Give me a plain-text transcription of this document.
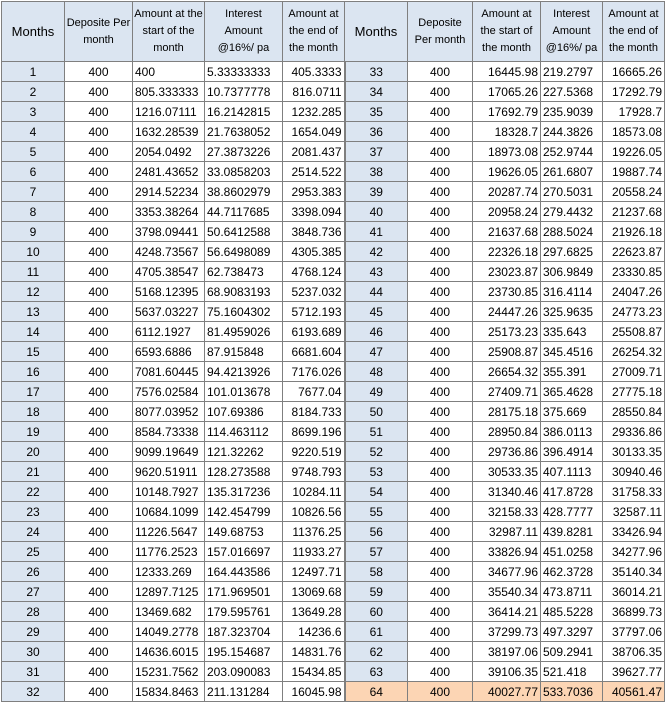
Months	Deposite Per month	Amount at the start of the month	Interest Amount @16%/ pa	Amount at the end of the month	Months	Deposite Per month	Amount at the start of the month	Interest Amount @16%/ pa	Amount at the end of the month
1	400	400	5.33333333	405.3333	33	400	16445.98	219.2797	16665.26
2	400	805.333333	10.7377778	816.0711	34	400	17065.26	227.5368	17292.79
3	400	1216.07111	16.2142815	1232.285	35	400	17692.79	235.9039	17928.7
4	400	1632.28539	21.7638052	1654.049	36	400	18328.7	244.3826	18573.08
5	400	2054.0492	27.3873226	2081.437	37	400	18973.08	252.9744	19226.05
6	400	2481.43652	33.0858203	2514.522	38	400	19626.05	261.6807	19887.74
7	400	2914.52234	38.8602979	2953.383	39	400	20287.74	270.5031	20558.24
8	400	3353.38264	44.7117685	3398.094	40	400	20958.24	279.4432	21237.68
9	400	3798.09441	50.6412588	3848.736	41	400	21637.68	288.5024	21926.18
10	400	4248.73567	56.6498089	4305.385	42	400	22326.18	297.6825	22623.87
11	400	4705.38547	62.738473	4768.124	43	400	23023.87	306.9849	23330.85
12	400	5168.12395	68.9083193	5237.032	44	400	23730.85	316.4114	24047.26
13	400	5637.03227	75.1604302	5712.193	45	400	24447.26	325.9635	24773.23
14	400	6112.1927	81.4959026	6193.689	46	400	25173.23	335.643	25508.87
15	400	6593.6886	87.915848	6681.604	47	400	25908.87	345.4516	26254.32
16	400	7081.60445	94.4213926	7176.026	48	400	26654.32	355.391	27009.71
17	400	7576.02584	101.013678	7677.04	49	400	27409.71	365.4628	27775.18
18	400	8077.03952	107.69386	8184.733	50	400	28175.18	375.669	28550.84
19	400	8584.73338	114.463112	8699.196	51	400	28950.84	386.0113	29336.86
20	400	9099.19649	121.32262	9220.519	52	400	29736.86	396.4914	30133.35
21	400	9620.51911	128.273588	9748.793	53	400	30533.35	407.1113	30940.46
22	400	10148.7927	135.317236	10284.11	54	400	31340.46	417.8728	31758.33
23	400	10684.1099	142.454799	10826.56	55	400	32158.33	428.7777	32587.11
24	400	11226.5647	149.68753	11376.25	56	400	32987.11	439.8281	33426.94
25	400	11776.2523	157.016697	11933.27	57	400	33826.94	451.0258	34277.96
26	400	12333.269	164.443586	12497.71	58	400	34677.96	462.3728	35140.34
27	400	12897.7125	171.969501	13069.68	59	400	35540.34	473.8711	36014.21
28	400	13469.682	179.595761	13649.28	60	400	36414.21	485.5228	36899.73
29	400	14049.2778	187.323704	14236.6	61	400	37299.73	497.3297	37797.06
30	400	14636.6015	195.154687	14831.76	62	400	38197.06	509.2941	38706.35
31	400	15231.7562	203.090083	15434.85	63	400	39106.35	521.418	39627.77
32	400	15834.8463	211.131284	16045.98	64	400	40027.77	533.7036	40561.47
